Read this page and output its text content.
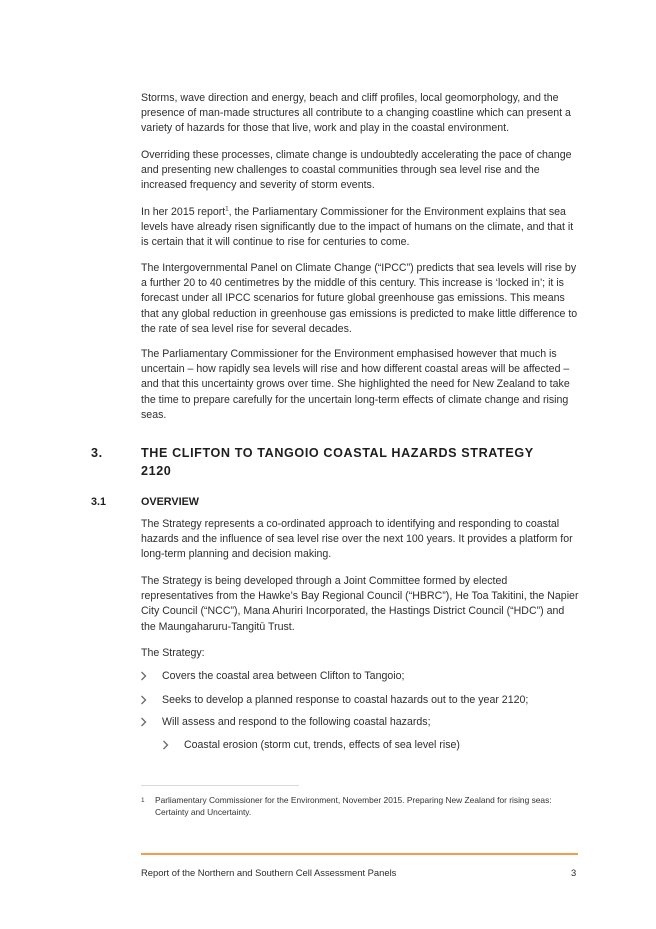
Storms, wave direction and energy, beach and cliff profiles, local geomorphology, and the presence of man-made structures all contribute to a changing coastline which can present a variety of hazards for those that live, work and play in the coastal environment.

Overriding these processes, climate change is undoubtedly accelerating the pace of change and presenting new challenges to coastal communities through sea level rise and the increased frequency and severity of storm events.

In her 2015 report$^1$, the Parliamentary Commissioner for the Environment explains that sea levels have already risen significantly due to the impact of humans on the climate, and that it is certain that it will continue to rise for centuries to come.

The Intergovernmental Panel on Climate Change (“IPCC”) predicts that sea levels will rise by a further 20 to 40 centimetres by the middle of this century. This increase is ‘locked in’; it is forecast under all IPCC scenarios for future global greenhouse gas emissions. This means that any global reduction in greenhouse gas emissions is predicted to make little difference to the rate of sea level rise for several decades.

The Parliamentary Commissioner for the Environment emphasised however that much is uncertain – how rapidly sea levels will rise and how different coastal areas will be affected – and that this uncertainty grows over time. She highlighted the need for New Zealand to take the time to prepare carefully for the uncertain long-term effects of climate change and rising seas.

3.	THE CLIFTON TO TANGOIO COASTAL HAZARDS STRATEGY
2120
3.1	OVERVIEW

The Strategy represents a co-ordinated approach to identifying and responding to coastal hazards and the influence of sea level rise over the next 100 years. It provides a platform for long-term planning and decision making.

The Strategy is being developed through a Joint Committee formed by elected representatives from the Hawke’s Bay Regional Council (“HBRC”), He Toa Takitini, the Napier City Council (“NCC”), Mana Ahuriri Incorporated, the Hastings District Council (“HDC”) and the Maungaharuru-Tangitū Trust.

The Strategy:

Covers the coastal area between Clifton to Tangoio;
Seeks to develop a planned response to coastal hazards out to the year 2120;
Will assess and respond to the following coastal hazards;
Coastal erosion (storm cut, trends, effects of sea level rise)
1 Parliamentary Commissioner for the Environment, November 2015. Preparing New Zealand for rising seas: Certainty and Uncertainty.
Report of the Northern and Southern Cell Assessment Panels	3
